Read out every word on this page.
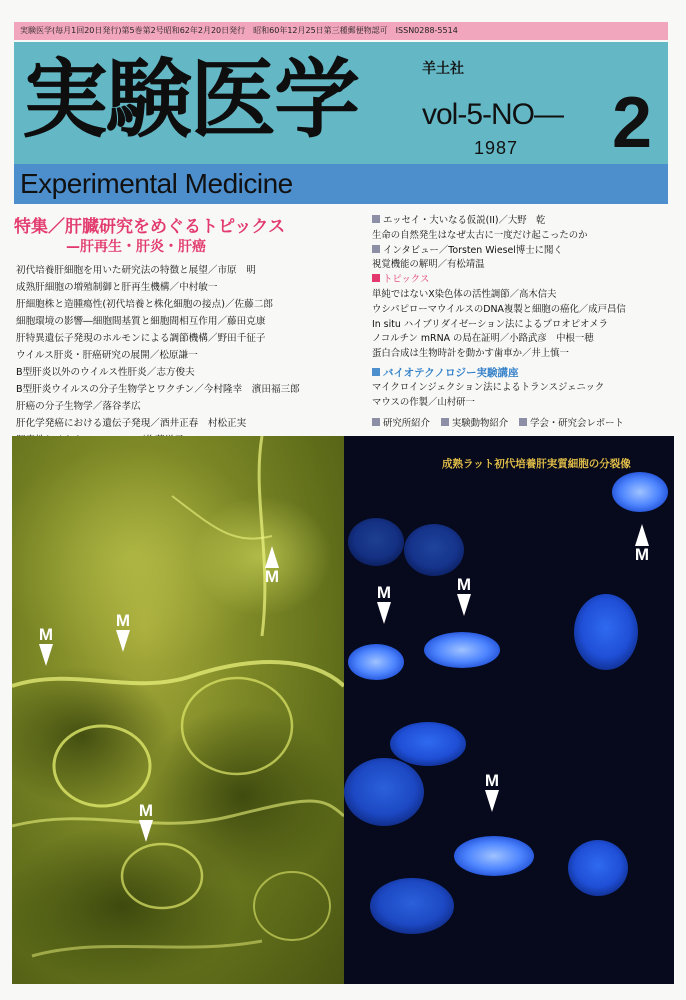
実験医学(毎月1回20日発行)第5巻第2号昭和62年2月20日発行　昭和60年12月25日第三種郵便物認可　ISSN0288-5514
実験医学	羊土社
vol-5-NO— 2
1987
Experimental Medicine
特集／肝臓研究をめぐるトピックス
—肝再生・肝炎・肝癌
初代培養肝細胞を用いた研究法の特徴と展望／市原　明
成熟肝細胞の増殖制御と肝再生機構／中村敏一
肝細胞株と造腫瘍性(初代培養と株化細胞の接点)／佐藤二郎
細胞環境の影響―細胞間基質と細胞間相互作用／藤田克康
肝特異遺伝子発現のホルモンによる調節機構／野田千征子
ウイルス肝炎・肝癌研究の展開／松原謙一
B型肝炎以外のウイルス性肝炎／志方俊夫
B型肝炎ウイルスの分子生物学とワクチン／今村隆幸　濱田福三郎
肝癌の分子生物学／落谷孝広
肝化学発癌における遺伝子発現／酒井正春　村松正実
エッセイ・大いなる仮説(II)／大野　乾
生命の自然発生はなぜ太古に一度だけ起こったのか
インタビュー／Torsten Wiesel博士に聞く
視覚機能の解明／有松靖温
トピックス
単純ではないX染色体の活性調節／高木信夫
ウシパピローマウイルスのDNA複製と細胞の癌化／成戸昌信
In situ ハイブリダイゼーション法によるプロオピオメラ
ノコルチン mRNA の局在証明／小路武彦　中根一穂
蛋白合成は生物時計を動かす歯車か／井上慎一
バイオテクノロジー実験講座
マイクロインジェクション法によるトランスジェニック
マウスの作製／山村研一
研究所紹介 実験動物紹介 学会・研究会レポート
M
M
M
M
成熟ラット初代培養肝実質細胞の分裂像
M
M	M
M
